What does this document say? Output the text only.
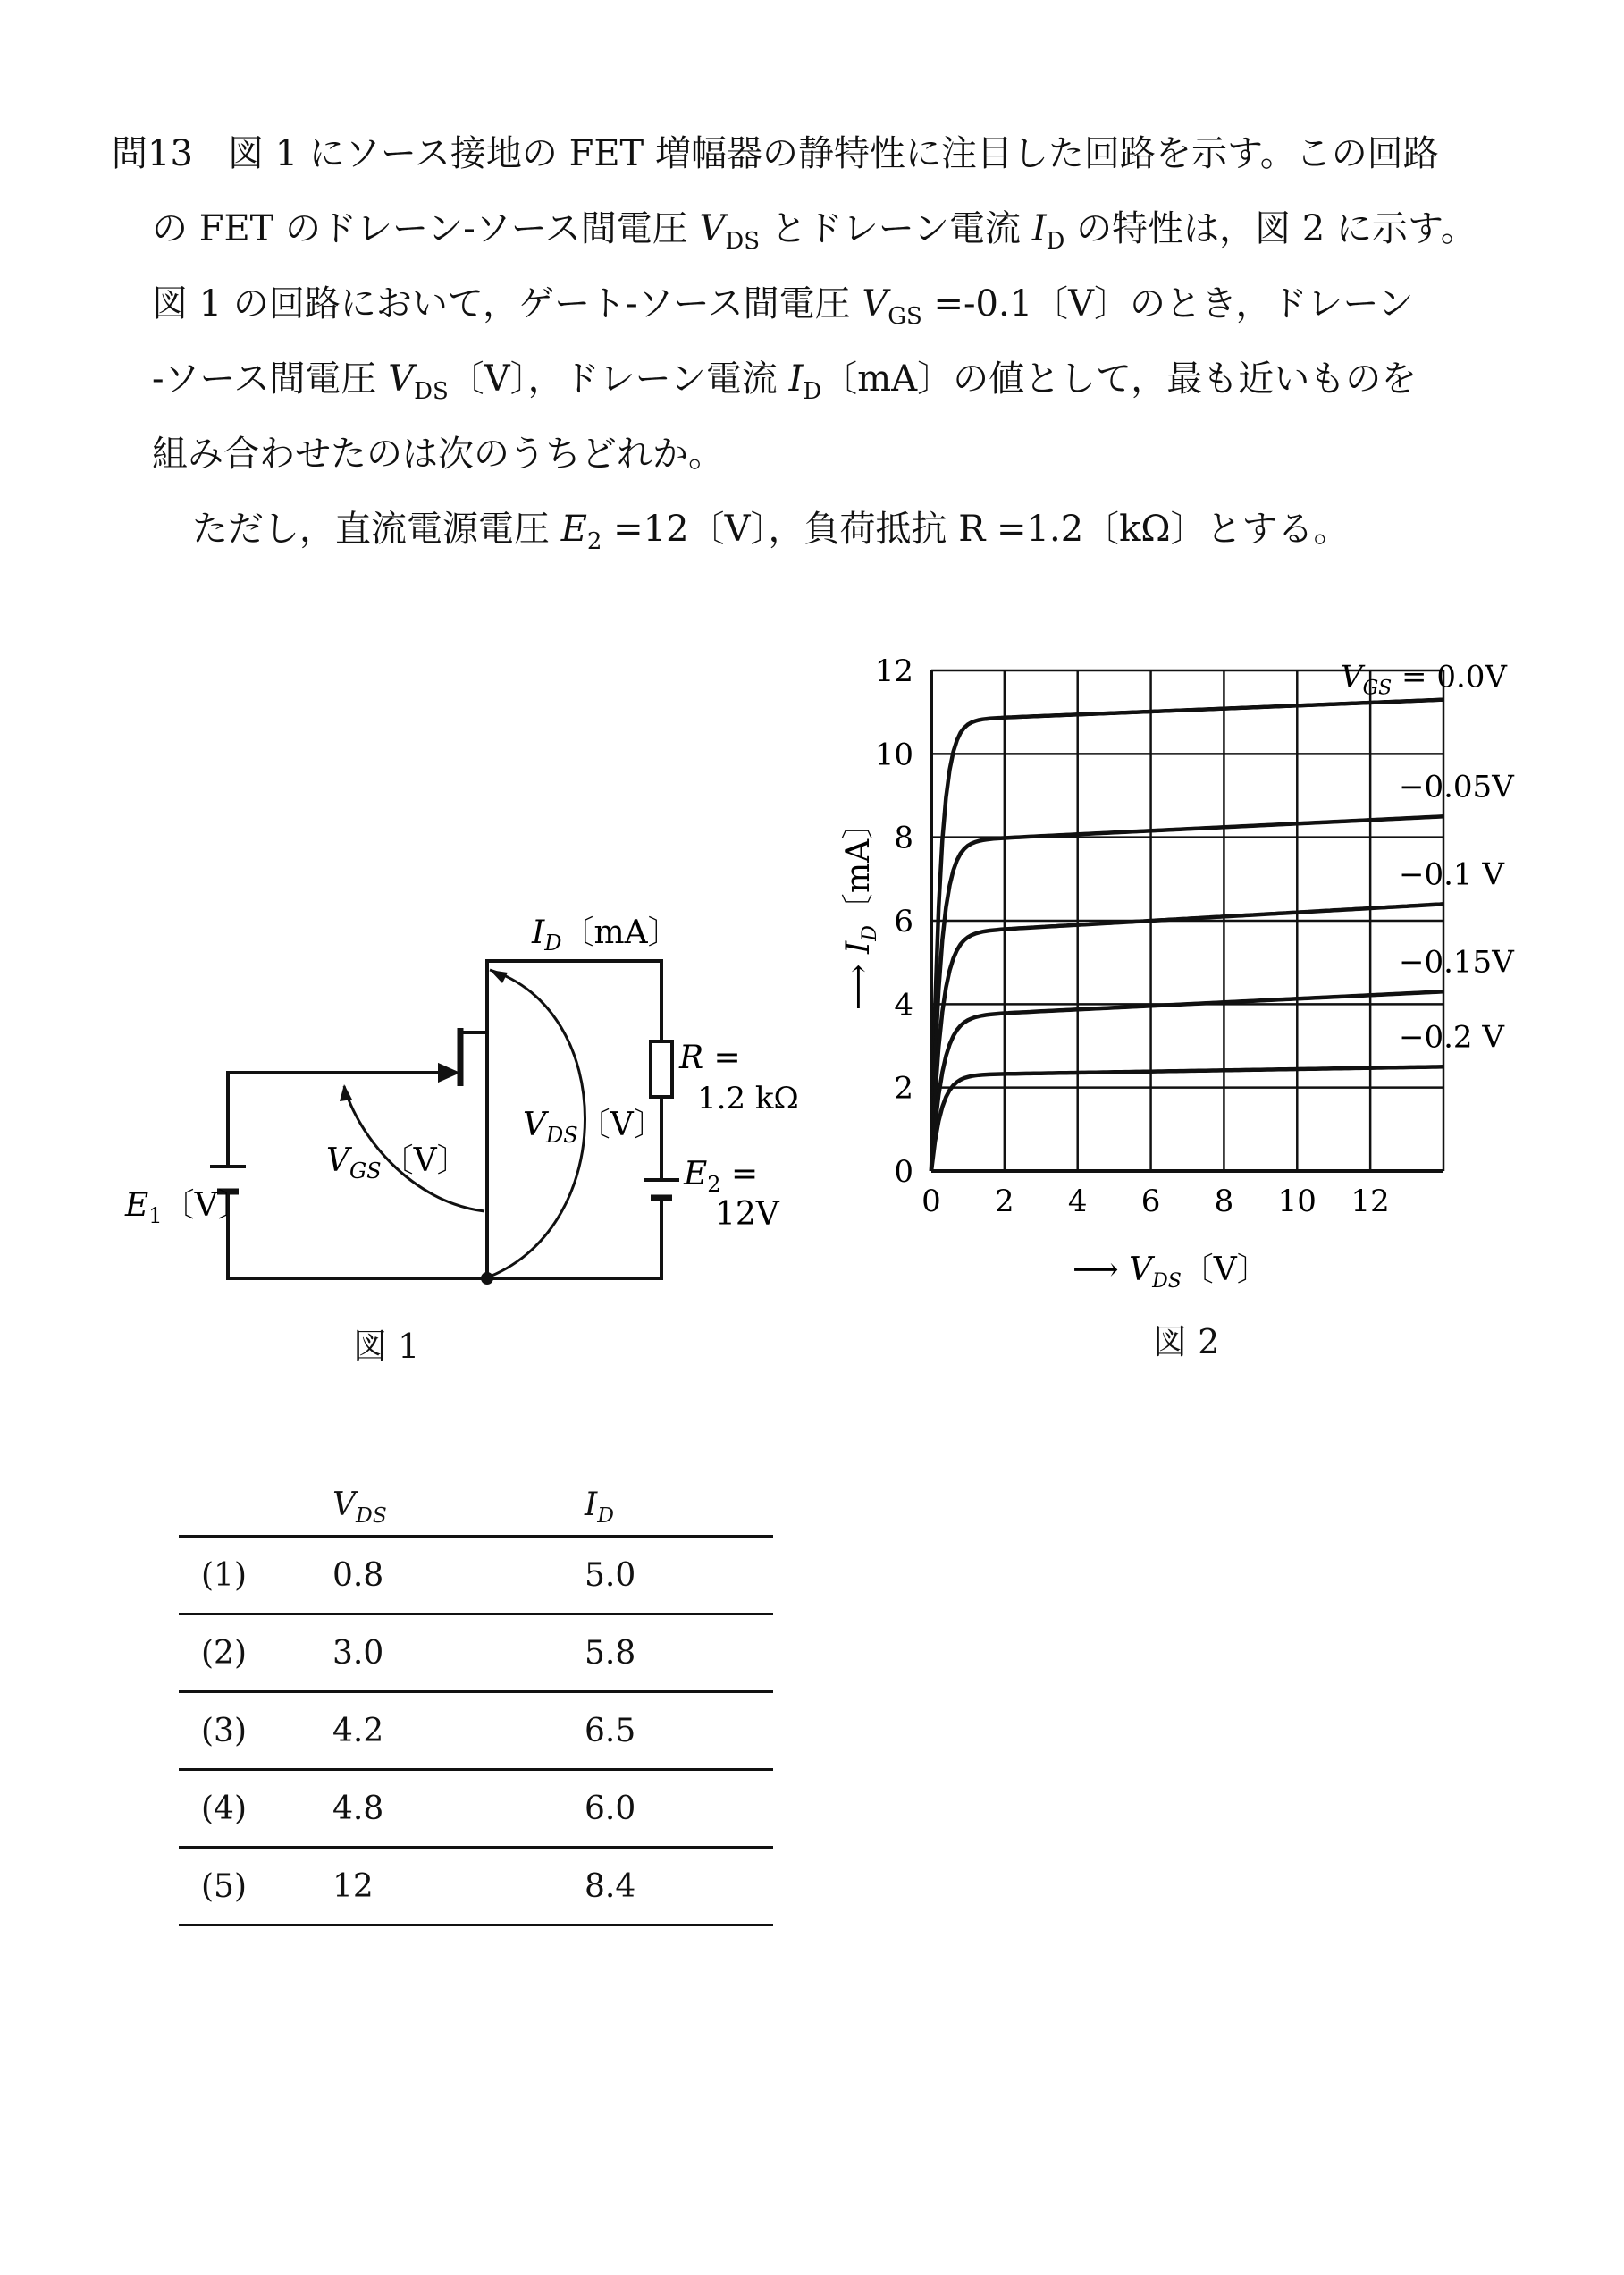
問13 図 1 にソース接地の FET 増幅器の静特性に注目した回路を示す。この回路
の FET のドレーン-ソース間電圧 $V_{DS}$ とドレーン電流 $I_D$ の特性は，図 2 に示す。
図 1 の回路において，ゲート-ソース間電圧 $V_{GS} =-0.1$〔V〕のとき，ドレーン
-ソース間電圧 $V_{DS}$〔V〕，ドレーン電流 $I_D$〔mA〕の値として，最も近いものを
組み合わせたのは次のうちどれか。
ただし，直流電源電圧 $E_2 =12$〔V〕，負荷抵抗 R =1.2〔kΩ〕とする。
$I_D$〔mA〕
R =
1.2 kΩ
$V_{DS}$〔V〕
$V_{GS}$〔V〕
$E_1$〔V〕
$E_2$ =
12V
図 1
0 2 4 6 8 10 12
0
2
4
6
8
10
12	$V_{GS} = 0.0V$
−0.05V
−0.1 V
−0.15V
−0.2 V
⟶ $V_{DS}$〔V〕
⟶ $I_D$〔mA〕
図 2
	$V_{DS}$	$I_D$
(1)	0.8	5.0
(2)	3.0	5.8
(3)	4.2	6.5
(4)	4.8	6.0
(5)	12	8.4
